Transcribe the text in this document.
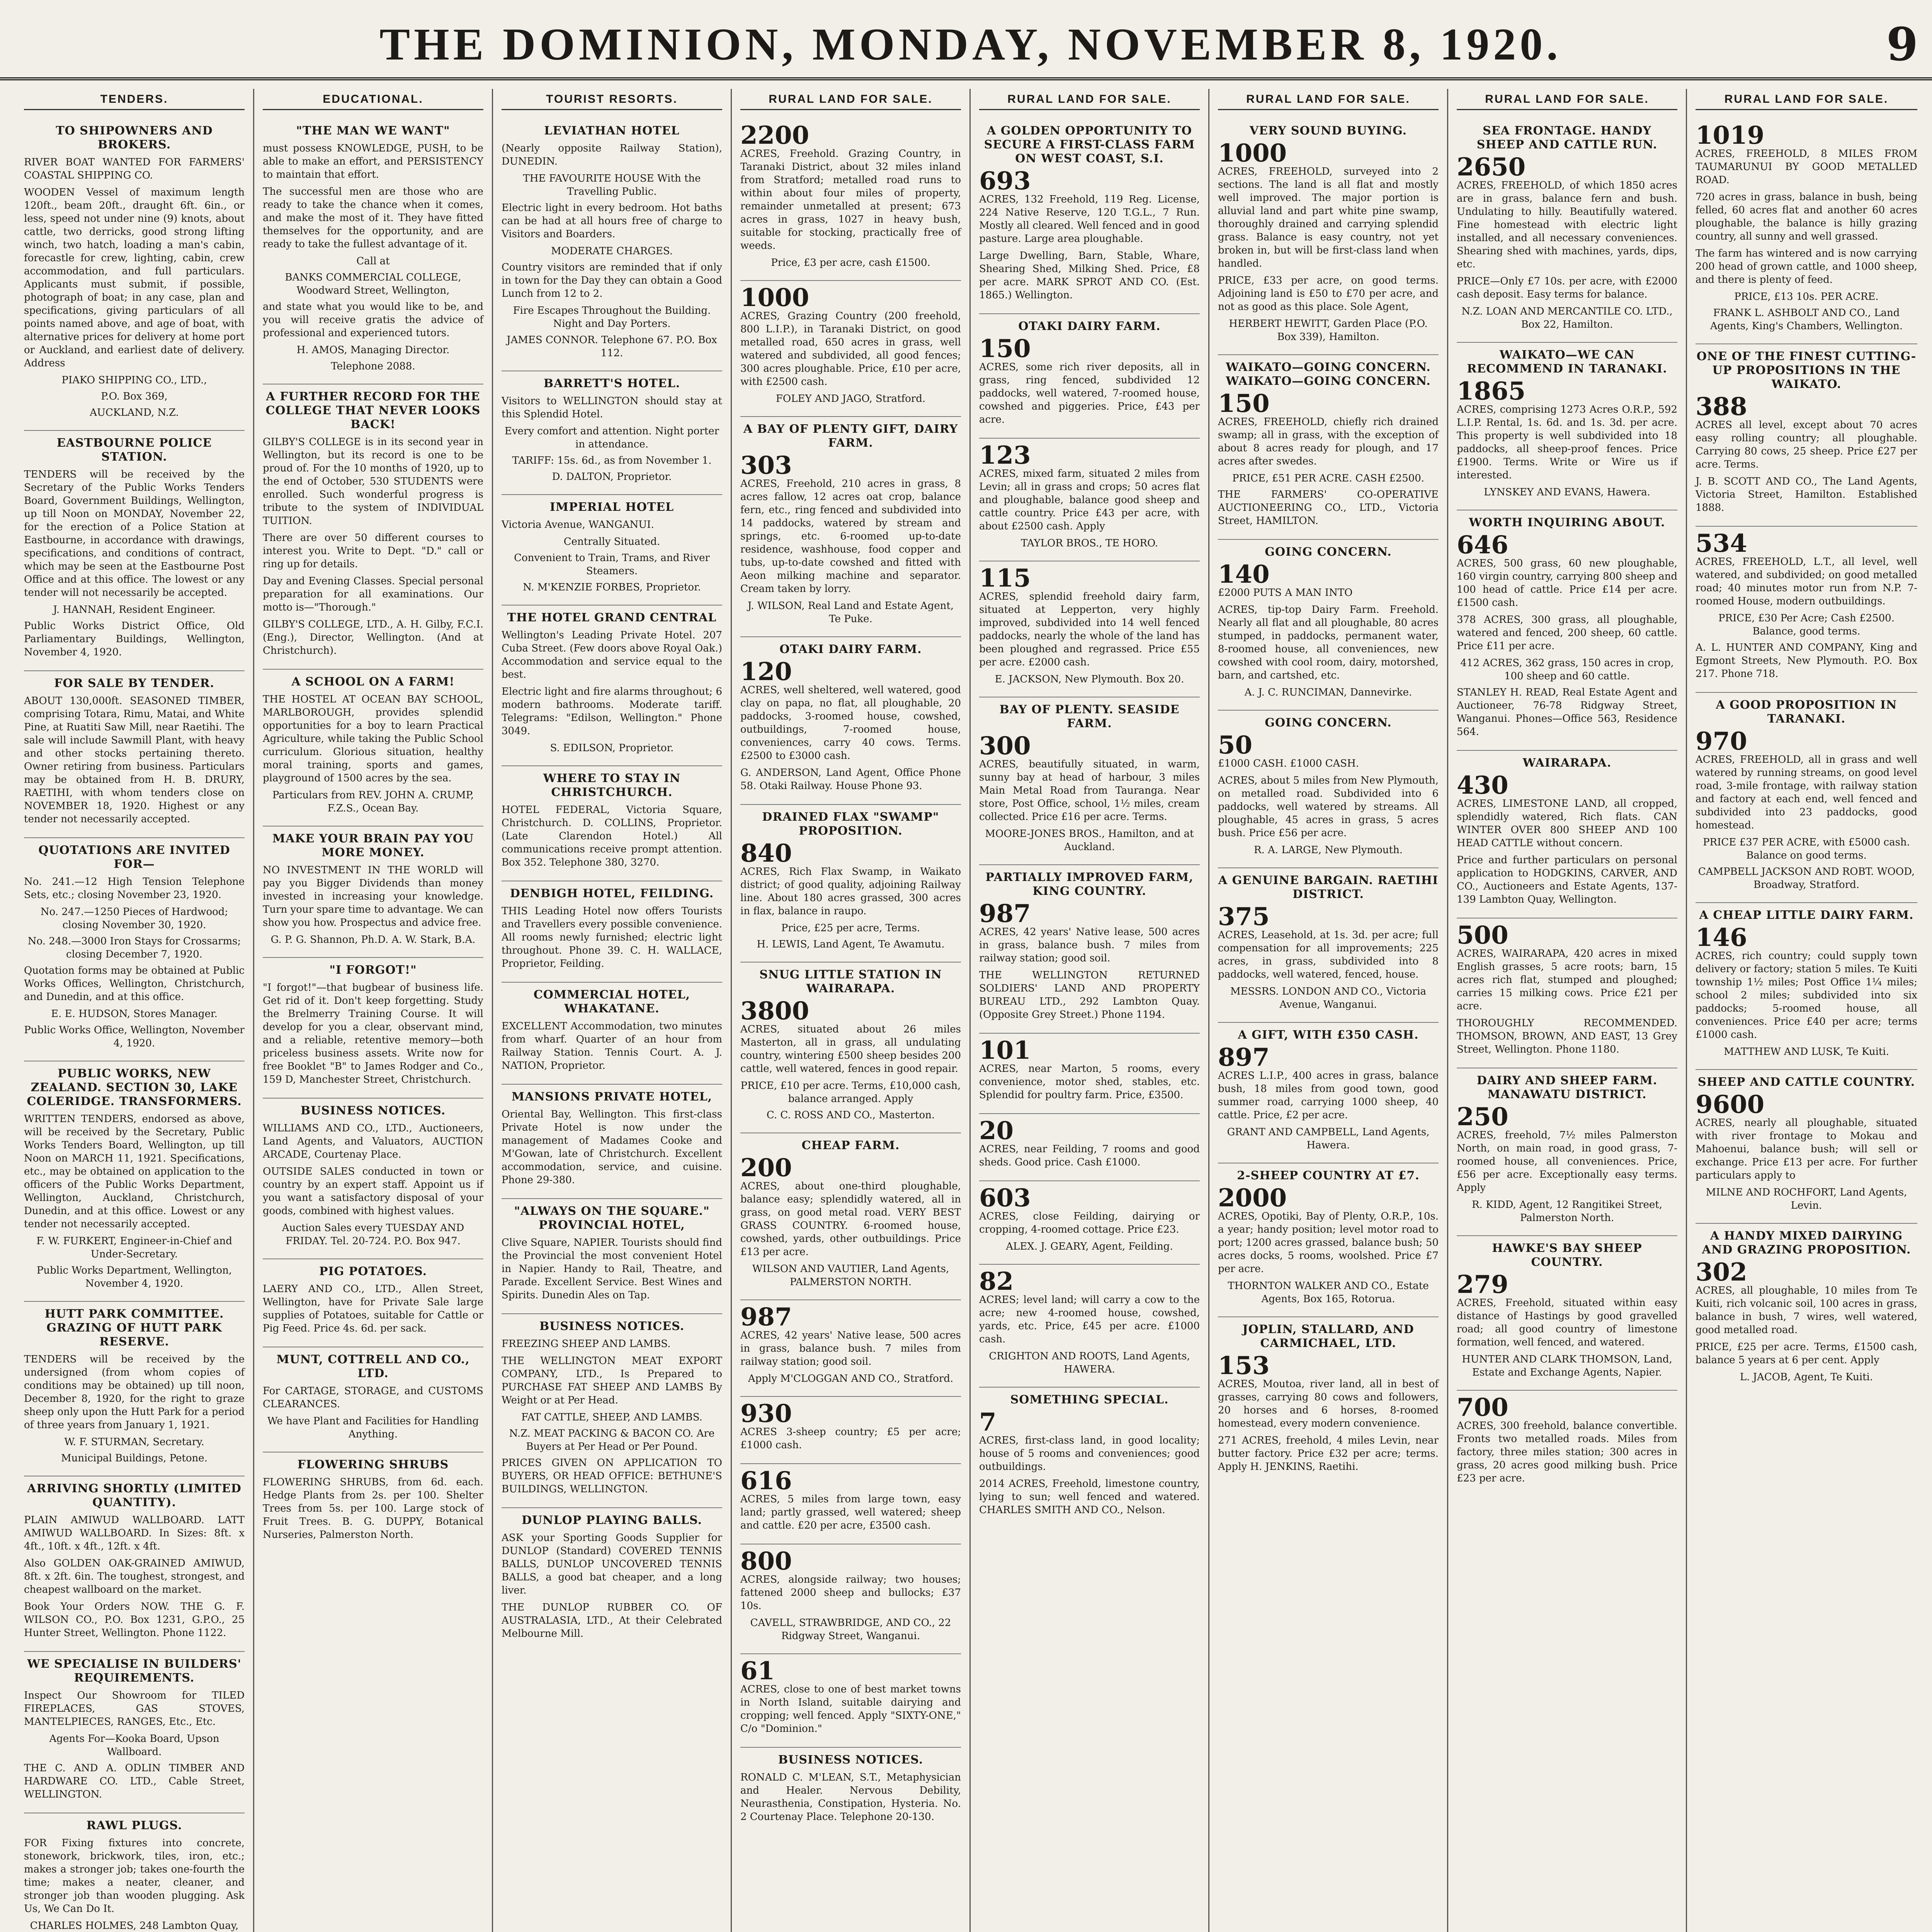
THE DOMINION, MONDAY, NOVEMBER 8, 1920.	9
TENDERS.
TO SHIPOWNERS AND BROKERS.

RIVER BOAT WANTED FOR FARMERS' COASTAL SHIPPING CO.

WOODEN Vessel of maximum length 120ft., beam 20ft., draught 6ft. 6in., or less, speed not under nine (9) knots, about cattle, two derricks, good strong lifting winch, two hatch, loading a man's cabin, forecastle for crew, lighting, cabin, crew accommodation, and full particulars. Applicants must submit, if possible, photograph of boat; in any case, plan and specifications, giving particulars of all points named above, and age of boat, with alternative prices for delivery at home port or Auckland, and earliest date of delivery. Address

PIAKO SHIPPING CO., LTD.,

P.O. Box 369,

AUCKLAND, N.Z.

EASTBOURNE POLICE STATION.

TENDERS will be received by the Secretary of the Public Works Tenders Board, Government Buildings, Wellington, up till Noon on MONDAY, November 22, for the erection of a Police Station at Eastbourne, in accordance with drawings, specifications, and conditions of contract, which may be seen at the Eastbourne Post Office and at this office. The lowest or any tender will not necessarily be accepted.

J. HANNAH, Resident Engineer.

Public Works District Office, Old Parliamentary Buildings, Wellington, November 4, 1920.

FOR SALE BY TENDER.

ABOUT 130,000ft. SEASONED TIMBER, comprising Totara, Rimu, Matai, and White Pine, at Ruatiti Saw Mill, near Raetihi. The sale will include Sawmill Plant, with heavy and other stocks pertaining thereto. Owner retiring from business. Particulars may be obtained from H. B. DRURY, RAETIHI, with whom tenders close on NOVEMBER 18, 1920. Highest or any tender not necessarily accepted.

QUOTATIONS ARE INVITED FOR—

No. 241.—12 High Tension Telephone Sets, etc.; closing November 23, 1920.

No. 247.—1250 Pieces of Hardwood; closing November 30, 1920.

No. 248.—3000 Iron Stays for Crossarms; closing December 7, 1920.

Quotation forms may be obtained at Public Works Offices, Wellington, Christchurch, and Dunedin, and at this office.

E. E. HUDSON, Stores Manager.

Public Works Office, Wellington, November 4, 1920.

PUBLIC WORKS, NEW ZEALAND. SECTION 30, LAKE COLERIDGE. TRANSFORMERS.

WRITTEN TENDERS, endorsed as above, will be received by the Secretary, Public Works Tenders Board, Wellington, up till Noon on MARCH 11, 1921. Specifications, etc., may be obtained on application to the officers of the Public Works Department, Wellington, Auckland, Christchurch, Dunedin, and at this office. Lowest or any tender not necessarily accepted.

F. W. FURKERT, Engineer-in-Chief and Under-Secretary.

Public Works Department, Wellington, November 4, 1920.

HUTT PARK COMMITTEE. GRAZING OF HUTT PARK RESERVE.

TENDERS will be received by the undersigned (from whom copies of conditions may be obtained) up till noon, December 8, 1920, for the right to graze sheep only upon the Hutt Park for a period of three years from January 1, 1921.

W. F. STURMAN, Secretary.

Municipal Buildings, Petone.

ARRIVING SHORTLY (LIMITED QUANTITY).

PLAIN AMIWUD WALLBOARD. LATT AMIWUD WALLBOARD. In Sizes: 8ft. x 4ft., 10ft. x 4ft., 12ft. x 4ft.

Also GOLDEN OAK-GRAINED AMIWUD, 8ft. x 2ft. 6in. The toughest, strongest, and cheapest wallboard on the market.

Book Your Orders NOW. THE G. F. WILSON CO., P.O. Box 1231, G.P.O., 25 Hunter Street, Wellington. Phone 1122.

WE SPECIALISE IN BUILDERS' REQUIREMENTS.

Inspect Our Showroom for TILED FIREPLACES, GAS STOVES, MANTELPIECES, RANGES, Etc., Etc.

Agents For—Kooka Board, Upson Wallboard.

THE C. AND A. ODLIN TIMBER AND HARDWARE CO. LTD., Cable Street, WELLINGTON.

RAWL PLUGS.

FOR Fixing fixtures into concrete, stonework, brickwork, tiles, iron, etc.; makes a stronger job; takes one-fourth the time; makes a neater, cleaner, and stronger job than wooden plugging. Ask Us, We Can Do It.

CHARLES HOLMES, 248 Lambton Quay,

EDUCATIONAL.
"THE MAN WE WANT"

must possess KNOWLEDGE, PUSH, to be able to make an effort, and PERSISTENCY to maintain that effort.

The successful men are those who are ready to take the chance when it comes, and make the most of it. They have fitted themselves for the opportunity, and are ready to take the fullest advantage of it.

Call at

BANKS COMMERCIAL COLLEGE, Woodward Street, Wellington,

and state what you would like to be, and you will receive gratis the advice of professional and experienced tutors.

H. AMOS, Managing Director.

Telephone 2088.

A FURTHER RECORD FOR THE COLLEGE THAT NEVER LOOKS BACK!

GILBY'S COLLEGE is in its second year in Wellington, but its record is one to be proud of. For the 10 months of 1920, up to the end of October, 530 STUDENTS were enrolled. Such wonderful progress is tribute to the system of INDIVIDUAL TUITION.

There are over 50 different courses to interest you. Write to Dept. "D." call or ring up for details.

Day and Evening Classes. Special personal preparation for all examinations. Our motto is—"Thorough."

GILBY'S COLLEGE, LTD., A. H. Gilby, F.C.I. (Eng.), Director, Wellington. (And at Christchurch).

A SCHOOL ON A FARM!

THE HOSTEL AT OCEAN BAY SCHOOL, MARLBOROUGH, provides splendid opportunities for a boy to learn Practical Agriculture, while taking the Public School curriculum. Glorious situation, healthy moral training, sports and games, playground of 1500 acres by the sea.

Particulars from REV. JOHN A. CRUMP, F.Z.S., Ocean Bay.

MAKE YOUR BRAIN PAY YOU MORE MONEY.

NO INVESTMENT IN THE WORLD will pay you Bigger Dividends than money invested in increasing your knowledge. Turn your spare time to advantage. We can show you how. Prospectus and advice free.

G. P. G. Shannon, Ph.D. A. W. Stark, B.A.

"I FORGOT!"

"I forgot!"—that bugbear of business life. Get rid of it. Don't keep forgetting. Study the Brelmerry Training Course. It will develop for you a clear, observant mind, and a reliable, retentive memory—both priceless business assets. Write now for free Booklet "B" to James Rodger and Co., 159 D, Manchester Street, Christchurch.

BUSINESS NOTICES.

WILLIAMS AND CO., LTD., Auctioneers, Land Agents, and Valuators, AUCTION ARCADE, Courtenay Place.

OUTSIDE SALES conducted in town or country by an expert staff. Appoint us if you want a satisfactory disposal of your goods, combined with highest values.

Auction Sales every TUESDAY AND FRIDAY. Tel. 20-724. P.O. Box 947.

PIG POTATOES.

LAERY AND CO., LTD., Allen Street, Wellington, have for Private Sale large supplies of Potatoes, suitable for Cattle or Pig Feed. Price 4s. 6d. per sack.

MUNT, COTTRELL AND CO., LTD.

For CARTAGE, STORAGE, and CUSTOMS CLEARANCES.

We have Plant and Facilities for Handling Anything.

FLOWERING SHRUBS

FLOWERING SHRUBS, from 6d. each. Hedge Plants from 2s. per 100. Shelter Trees from 5s. per 100. Large stock of Fruit Trees. B. G. DUPPY, Botanical Nurseries, Palmerston North.

TOURIST RESORTS.
LEVIATHAN HOTEL

(Nearly opposite Railway Station), DUNEDIN.

THE FAVOURITE HOUSE With the Travelling Public.

Electric light in every bedroom. Hot baths can be had at all hours free of charge to Visitors and Boarders.

MODERATE CHARGES.

Country visitors are reminded that if only in town for the Day they can obtain a Good Lunch from 12 to 2.

Fire Escapes Throughout the Building. Night and Day Porters.

JAMES CONNOR. Telephone 67. P.O. Box 112.

BARRETT'S HOTEL.

Visitors to WELLINGTON should stay at this Splendid Hotel.

Every comfort and attention. Night porter in attendance.

TARIFF: 15s. 6d., as from November 1.

D. DALTON, Proprietor.

IMPERIAL HOTEL

Victoria Avenue, WANGANUI.

Centrally Situated.

Convenient to Train, Trams, and River Steamers.

N. M'KENZIE FORBES, Proprietor.

THE HOTEL GRAND CENTRAL

Wellington's Leading Private Hotel. 207 Cuba Street. (Few doors above Royal Oak.) Accommodation and service equal to the best.

Electric light and fire alarms throughout; 6 modern bathrooms. Moderate tariff. Telegrams: "Edilson, Wellington." Phone 3049.

S. EDILSON, Proprietor.

WHERE TO STAY IN CHRISTCHURCH.

HOTEL FEDERAL, Victoria Square, Christchurch. D. COLLINS, Proprietor. (Late Clarendon Hotel.) All communications receive prompt attention. Box 352. Telephone 380, 3270.

DENBIGH HOTEL, FEILDING.

THIS Leading Hotel now offers Tourists and Travellers every possible convenience. All rooms newly furnished; electric light throughout. Phone 39. C. H. WALLACE, Proprietor, Feilding.

COMMERCIAL HOTEL, WHAKATANE.

EXCELLENT Accommodation, two minutes from wharf. Quarter of an hour from Railway Station. Tennis Court. A. J. NATION, Proprietor.

MANSIONS PRIVATE HOTEL,

Oriental Bay, Wellington. This first-class Private Hotel is now under the management of Madames Cooke and M'Gowan, late of Christchurch. Excellent accommodation, service, and cuisine. Phone 29-380.

"ALWAYS ON THE SQUARE." PROVINCIAL HOTEL,

Clive Square, NAPIER. Tourists should find the Provincial the most convenient Hotel in Napier. Handy to Rail, Theatre, and Parade. Excellent Service. Best Wines and Spirits. Dunedin Ales on Tap.

BUSINESS NOTICES.

FREEZING SHEEP AND LAMBS.

THE WELLINGTON MEAT EXPORT COMPANY, LTD., Is Prepared to PURCHASE FAT SHEEP AND LAMBS By Weight or at Per Head.

FAT CATTLE, SHEEP, AND LAMBS.

N.Z. MEAT PACKING & BACON CO. Are Buyers at Per Head or Per Pound.

PRICES GIVEN ON APPLICATION TO BUYERS, OR HEAD OFFICE: BETHUNE'S BUILDINGS, WELLINGTON.

DUNLOP PLAYING BALLS.

ASK your Sporting Goods Supplier for DUNLOP (Standard) COVERED TENNIS BALLS, DUNLOP UNCOVERED TENNIS BALLS, a good bat cheaper, and a long liver.

THE DUNLOP RUBBER CO. OF AUSTRALASIA, LTD., At their Celebrated Melbourne Mill.

RURAL LAND FOR SALE.
2200

ACRES, Freehold. Grazing Country, in Taranaki District, about 32 miles inland from Stratford; metalled road runs to within about four miles of property, remainder unmetalled at present; 673 acres in grass, 1027 in heavy bush, suitable for stocking, practically free of weeds.

Price, £3 per acre, cash £1500.

1000

ACRES, Grazing Country (200 freehold, 800 L.I.P.), in Taranaki District, on good metalled road, 650 acres in grass, well watered and subdivided, all good fences; 300 acres ploughable. Price, £10 per acre, with £2500 cash.

FOLEY AND JAGO, Stratford.

A BAY OF PLENTY GIFT, DAIRY FARM.
303

ACRES, Freehold, 210 acres in grass, 8 acres fallow, 12 acres oat crop, balance fern, etc., ring fenced and subdivided into 14 paddocks, watered by stream and springs, etc. 6-roomed up-to-date residence, washhouse, food copper and tubs, up-to-date cowshed and fitted with Aeon milking machine and separator. Cream taken by lorry.

J. WILSON, Real Land and Estate Agent, Te Puke.

OTAKI DAIRY FARM.
120

ACRES, well sheltered, well watered, good clay on papa, no flat, all ploughable, 20 paddocks, 3-roomed house, cowshed, outbuildings, 7-roomed house, conveniences, carry 40 cows. Terms. £2500 to £3000 cash.

G. ANDERSON, Land Agent, Office Phone 58. Otaki Railway. House Phone 93.

DRAINED FLAX "SWAMP" PROPOSITION.
840

ACRES, Rich Flax Swamp, in Waikato district; of good quality, adjoining Railway line. About 180 acres grassed, 300 acres in flax, balance in raupo.

Price, £25 per acre, Terms.

H. LEWIS, Land Agent, Te Awamutu.

SNUG LITTLE STATION IN WAIRARAPA.
3800

ACRES, situated about 26 miles Masterton, all in grass, all undulating country, wintering £500 sheep besides 200 cattle, well watered, fences in good repair.

PRICE, £10 per acre. Terms, £10,000 cash, balance arranged. Apply

C. C. ROSS AND CO., Masterton.

CHEAP FARM.
200

ACRES, about one-third ploughable, balance easy; splendidly watered, all in grass, on good metal road. VERY BEST GRASS COUNTRY. 6-roomed house, cowshed, yards, other outbuildings. Price £13 per acre.

WILSON AND VAUTIER, Land Agents, PALMERSTON NORTH.

987

ACRES, 42 years' Native lease, 500 acres in grass, balance bush. 7 miles from railway station; good soil.

Apply M'CLOGGAN AND CO., Stratford.

930

ACRES 3-sheep country; £5 per acre; £1000 cash.

616

ACRES, 5 miles from large town, easy land; partly grassed, well watered; sheep and cattle. £20 per acre, £3500 cash.

800

ACRES, alongside railway; two houses; fattened 2000 sheep and bullocks; £37 10s.

CAVELL, STRAWBRIDGE, AND CO., 22 Ridgway Street, Wanganui.

61

ACRES, close to one of best market towns in North Island, suitable dairying and cropping; well fenced. Apply "SIXTY-ONE," C/o "Dominion."

BUSINESS NOTICES.

RONALD C. M'LEAN, S.T., Metaphysician and Healer. Nervous Debility, Neurasthenia, Constipation, Hysteria. No. 2 Courtenay Place. Telephone 20-130.

RURAL LAND FOR SALE.
A GOLDEN OPPORTUNITY TO SECURE A FIRST-CLASS FARM ON WEST COAST, S.I.
693

ACRES, 132 Freehold, 119 Reg. License, 224 Native Reserve, 120 T.G.L., 7 Run. Mostly all cleared. Well fenced and in good pasture. Large area ploughable.

Large Dwelling, Barn, Stable, Whare, Shearing Shed, Milking Shed. Price, £8 per acre. MARK SPROT AND CO. (Est. 1865.) Wellington.

OTAKI DAIRY FARM.
150

ACRES, some rich river deposits, all in grass, ring fenced, subdivided 12 paddocks, well watered, 7-roomed house, cowshed and piggeries. Price, £43 per acre.

123

ACRES, mixed farm, situated 2 miles from Levin; all in grass and crops; 50 acres flat and ploughable, balance good sheep and cattle country. Price £43 per acre, with about £2500 cash. Apply

TAYLOR BROS., TE HORO.

115

ACRES, splendid freehold dairy farm, situated at Lepperton, very highly improved, subdivided into 14 well fenced paddocks, nearly the whole of the land has been ploughed and regrassed. Price £55 per acre. £2000 cash.

E. JACKSON, New Plymouth. Box 20.

BAY OF PLENTY. SEASIDE FARM.
300

ACRES, beautifully situated, in warm, sunny bay at head of harbour, 3 miles Main Metal Road from Tauranga. Near store, Post Office, school, 1½ miles, cream collected. Price £16 per acre. Terms.

MOORE-JONES BROS., Hamilton, and at Auckland.

PARTIALLY IMPROVED FARM, KING COUNTRY.
987

ACRES, 42 years' Native lease, 500 acres in grass, balance bush. 7 miles from railway station; good soil.

THE WELLINGTON RETURNED SOLDIERS' LAND AND PROPERTY BUREAU LTD., 292 Lambton Quay. (Opposite Grey Street.) Phone 1194.

101

ACRES, near Marton, 5 rooms, every convenience, motor shed, stables, etc. Splendid for poultry farm. Price, £3500.

20

ACRES, near Feilding, 7 rooms and good sheds. Good price. Cash £1000.

603

ACRES, close Feilding, dairying or cropping, 4-roomed cottage. Price £23.

ALEX. J. GEARY, Agent, Feilding.

82

ACRES; level land; will carry a cow to the acre; new 4-roomed house, cowshed, yards, etc. Price, £45 per acre. £1000 cash.

CRIGHTON AND ROOTS, Land Agents, HAWERA.

SOMETHING SPECIAL.
7

ACRES, first-class land, in good locality; house of 5 rooms and conveniences; good outbuildings.

2014 ACRES, Freehold, limestone country, lying to sun; well fenced and watered. CHARLES SMITH AND CO., Nelson.

RURAL LAND FOR SALE.
VERY SOUND BUYING.
1000

ACRES, FREEHOLD, surveyed into 2 sections. The land is all flat and mostly well improved. The major portion is alluvial land and part white pine swamp, thoroughly drained and carrying splendid grass. Balance is easy country, not yet broken in, but will be first-class land when handled.

PRICE, £33 per acre, on good terms. Adjoining land is £50 to £70 per acre, and not as good as this place. Sole Agent,

HERBERT HEWITT, Garden Place (P.O. Box 339), Hamilton.

WAIKATO—GOING CONCERN. WAIKATO—GOING CONCERN.
150

ACRES, FREEHOLD, chiefly rich drained swamp; all in grass, with the exception of about 8 acres ready for plough, and 17 acres after swedes.

PRICE, £51 PER ACRE. CASH £2500.

THE FARMERS' CO-OPERATIVE AUCTIONEERING CO., LTD., Victoria Street, HAMILTON.

GOING CONCERN.
140

£2000 PUTS A MAN INTO

ACRES, tip-top Dairy Farm. Freehold. Nearly all flat and all ploughable, 80 acres stumped, in paddocks, permanent water, 8-roomed house, all conveniences, new cowshed with cool room, dairy, motorshed, barn, and cartshed, etc.

A. J. C. RUNCIMAN, Dannevirke.

GOING CONCERN.
50

£1000 CASH. £1000 CASH.

ACRES, about 5 miles from New Plymouth, on metalled road. Subdivided into 6 paddocks, well watered by streams. All ploughable, 45 acres in grass, 5 acres bush. Price £56 per acre.

R. A. LARGE, New Plymouth.

A GENUINE BARGAIN. RAETIHI DISTRICT.
375

ACRES, Leasehold, at 1s. 3d. per acre; full compensation for all improvements; 225 acres, in grass, subdivided into 8 paddocks, well watered, fenced, house.

MESSRS. LONDON AND CO., Victoria Avenue, Wanganui.

A GIFT, WITH £350 CASH.
897

ACRES L.I.P., 400 acres in grass, balance bush, 18 miles from good town, good summer road, carrying 1000 sheep, 40 cattle. Price, £2 per acre.

GRANT AND CAMPBELL, Land Agents, Hawera.

2-SHEEP COUNTRY AT £7.
2000

ACRES, Opotiki, Bay of Plenty, O.R.P., 10s. a year; handy position; level motor road to port; 1200 acres grassed, balance bush; 50 acres docks, 5 rooms, woolshed. Price £7 per acre.

THORNTON WALKER AND CO., Estate Agents, Box 165, Rotorua.

JOPLIN, STALLARD, AND CARMICHAEL, LTD.
153

ACRES, Moutoa, river land, all in best of grasses, carrying 80 cows and followers, 20 horses and 6 horses, 8-roomed homestead, every modern convenience.

271 ACRES, freehold, 4 miles Levin, near butter factory. Price £32 per acre; terms. Apply H. JENKINS, Raetihi.

RURAL LAND FOR SALE.
SEA FRONTAGE. HANDY SHEEP AND CATTLE RUN.
2650

ACRES, FREEHOLD, of which 1850 acres are in grass, balance fern and bush. Undulating to hilly. Beautifully watered. Fine homestead with electric light installed, and all necessary conveniences. Shearing shed with machines, yards, dips, etc.

PRICE—Only £7 10s. per acre, with £2000 cash deposit. Easy terms for balance.

N.Z. LOAN AND MERCANTILE CO. LTD., Box 22, Hamilton.

WAIKATO—WE CAN RECOMMEND IN TARANAKI.
1865

ACRES, comprising 1273 Acres O.R.P., 592 L.I.P. Rental, 1s. 6d. and 1s. 3d. per acre. This property is well subdivided into 18 paddocks, all sheep-proof fences. Price £1900. Terms. Write or Wire us if interested.

LYNSKEY AND EVANS, Hawera.

WORTH INQUIRING ABOUT.
646

ACRES, 500 grass, 60 new ploughable, 160 virgin country, carrying 800 sheep and 100 head of cattle. Price £14 per acre. £1500 cash.

378 ACRES, 300 grass, all ploughable, watered and fenced, 200 sheep, 60 cattle. Price £11 per acre.

412 ACRES, 362 grass, 150 acres in crop, 100 sheep and 60 cattle.

STANLEY H. READ, Real Estate Agent and Auctioneer, 76-78 Ridgway Street, Wanganui. Phones—Office 563, Residence 564.

WAIRARAPA.
430

ACRES, LIMESTONE LAND, all cropped, splendidly watered, Rich flats. CAN WINTER OVER 800 SHEEP AND 100 HEAD CATTLE without concern.

Price and further particulars on personal application to HODGKINS, CARVER, AND CO., Auctioneers and Estate Agents, 137-139 Lambton Quay, Wellington.

500

ACRES, WAIRARAPA, 420 acres in mixed English grasses, 5 acre roots; barn, 15 acres rich flat, stumped and ploughed; carries 15 milking cows. Price £21 per acre.

THOROUGHLY RECOMMENDED. THOMSON, BROWN, AND EAST, 13 Grey Street, Wellington. Phone 1180.

DAIRY AND SHEEP FARM. MANAWATU DISTRICT.
250

ACRES, freehold, 7½ miles Palmerston North, on main road, in good grass, 7-roomed house, all conveniences. Price, £56 per acre. Exceptionally easy terms. Apply

R. KIDD, Agent, 12 Rangitikei Street, Palmerston North.

HAWKE'S BAY SHEEP COUNTRY.
279

ACRES, Freehold, situated within easy distance of Hastings by good gravelled road; all good country of limestone formation, well fenced, and watered.

HUNTER AND CLARK THOMSON, Land, Estate and Exchange Agents, Napier.

700

ACRES, 300 freehold, balance convertible. Fronts two metalled roads. Miles from factory, three miles station; 300 acres in grass, 20 acres good milking bush. Price £23 per acre.

RURAL LAND FOR SALE.
1019

ACRES, FREEHOLD, 8 MILES FROM TAUMARUNUI BY GOOD METALLED ROAD.

720 acres in grass, balance in bush, being felled, 60 acres flat and another 60 acres ploughable, the balance is hilly grazing country, all sunny and well grassed.

The farm has wintered and is now carrying 200 head of grown cattle, and 1000 sheep, and there is plenty of feed.

PRICE, £13 10s. PER ACRE.

FRANK L. ASHBOLT AND CO., Land Agents, King's Chambers, Wellington.

ONE OF THE FINEST CUTTING-UP PROPOSITIONS IN THE WAIKATO.
388

ACRES all level, except about 70 acres easy rolling country; all ploughable. Carrying 80 cows, 25 sheep. Price £27 per acre. Terms.

J. B. SCOTT AND CO., The Land Agents, Victoria Street, Hamilton. Established 1888.

534

ACRES, FREEHOLD, L.T., all level, well watered, and subdivided; on good metalled road; 40 minutes motor run from N.P. 7-roomed House, modern outbuildings.

PRICE, £30 Per Acre; Cash £2500. Balance, good terms.

A. L. HUNTER AND COMPANY, King and Egmont Streets, New Plymouth. P.O. Box 217. Phone 718.

A GOOD PROPOSITION IN TARANAKI.
970

ACRES, FREEHOLD, all in grass and well watered by running streams, on good level road, 3-mile frontage, with railway station and factory at each end, well fenced and subdivided into 23 paddocks, good homestead.

PRICE £37 PER ACRE, with £5000 cash. Balance on good terms.

CAMPBELL JACKSON AND ROBT. WOOD, Broadway, Stratford.

A CHEAP LITTLE DAIRY FARM.
146

ACRES, rich country; could supply town delivery or factory; station 5 miles. Te Kuiti township 1½ miles; Post Office 1¼ miles; school 2 miles; subdivided into six paddocks; 5-roomed house, all conveniences. Price £40 per acre; terms £1000 cash.

MATTHEW AND LUSK, Te Kuiti.

SHEEP AND CATTLE COUNTRY.
9600

ACRES, nearly all ploughable, situated with river frontage to Mokau and Mahoenui, balance bush; will sell or exchange. Price £13 per acre. For further particulars apply to

MILNE AND ROCHFORT, Land Agents, Levin.

A HANDY MIXED DAIRYING AND GRAZING PROPOSITION.
302

ACRES, all ploughable, 10 miles from Te Kuiti, rich volcanic soil, 100 acres in grass, balance in bush, 7 wires, well watered, good metalled road.

PRICE, £25 per acre. Terms, £1500 cash, balance 5 years at 6 per cent. Apply

L. JACOB, Agent, Te Kuiti.
